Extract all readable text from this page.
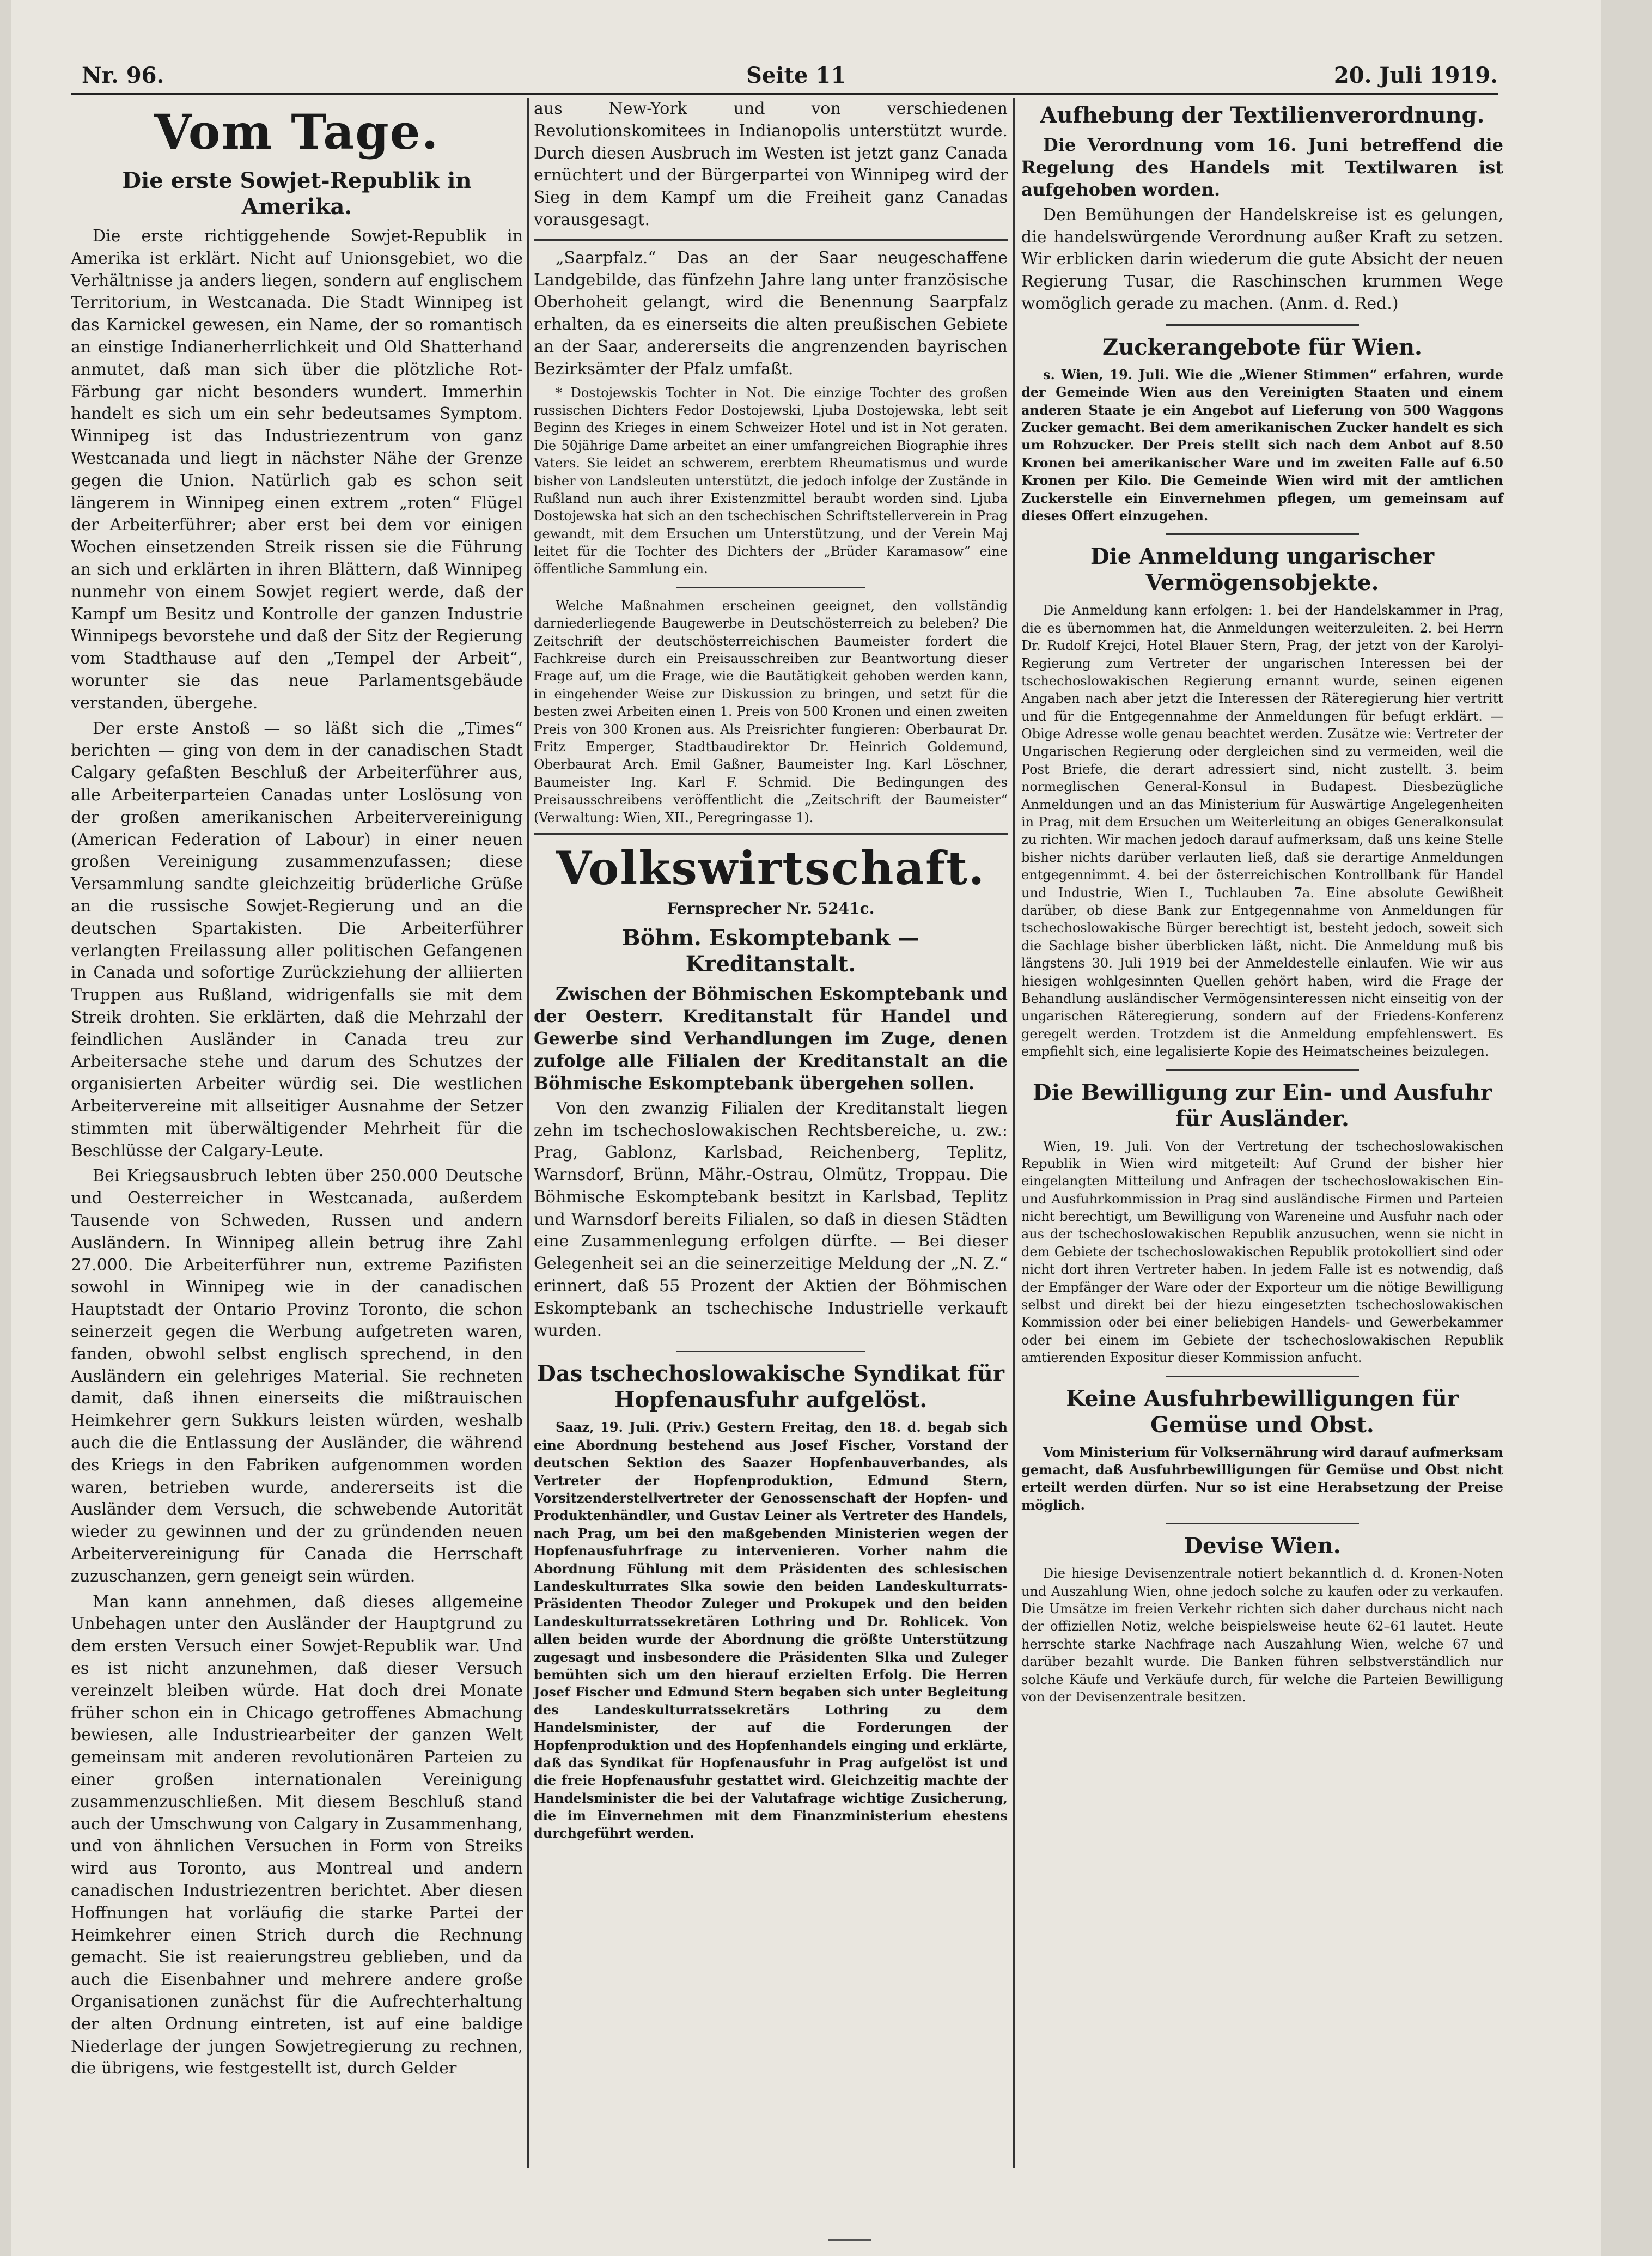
Nr. 96.	Seite 11	20. Juli 1919.
Vom Tage.
Die erste Sowjet-Republik in Amerika.

Die erste richtiggehende Sowjet-Republik in Amerika ist erklärt. Nicht auf Unionsgebiet, wo die Verhältnisse ja anders liegen, sondern auf englischem Territorium, in Westcanada. Die Stadt Winnipeg ist das Karnickel gewesen, ein Name, der so romantisch an einstige Indianerherrlichkeit und Old Shatterhand anmutet, daß man sich über die plötzliche Rot-Färbung gar nicht besonders wundert. Immerhin handelt es sich um ein sehr bedeutsames Symptom. Winnipeg ist das Industriezentrum von ganz Westcanada und liegt in nächster Nähe der Grenze gegen die Union. Natürlich gab es schon seit längerem in Winnipeg einen extrem „roten“ Flügel der Arbeiterführer; aber erst bei dem vor einigen Wochen einsetzenden Streik rissen sie die Führung an sich und erklärten in ihren Blättern, daß Winnipeg nunmehr von einem Sowjet regiert werde, daß der Kampf um Besitz und Kontrolle der ganzen Industrie Winnipegs bevorstehe und daß der Sitz der Regierung vom Stadthause auf den „Tempel der Arbeit“, worunter sie das neue Parlamentsgebäude verstanden, übergehe.

Der erste Anstoß — so läßt sich die „Times“ berichten — ging von dem in der canadischen Stadt Calgary gefaßten Beschluß der Arbeiterführer aus, alle Arbeiterparteien Canadas unter Loslösung von der großen amerikanischen Arbeitervereinigung (American Federation of Labour) in einer neuen großen Vereinigung zusammenzufassen; diese Versammlung sandte gleichzeitig brüderliche Grüße an die russische Sowjet-Regierung und an die deutschen Spartakisten. Die Arbeiterführer verlangten Freilassung aller politischen Gefangenen in Canada und sofortige Zurückziehung der alliierten Truppen aus Rußland, widrigenfalls sie mit dem Streik drohten. Sie erklärten, daß die Mehrzahl der feindlichen Ausländer in Canada treu zur Arbeitersache stehe und darum des Schutzes der organisierten Arbeiter würdig sei. Die westlichen Arbeitervereine mit allseitiger Ausnahme der Setzer stimmten mit überwältigender Mehrheit für die Beschlüsse der Calgary-Leute.

Bei Kriegsausbruch lebten über 250.000 Deutsche und Oesterreicher in Westcanada, außerdem Tausende von Schweden, Russen und andern Ausländern. In Winnipeg allein betrug ihre Zahl 27.000. Die Arbeiterführer nun, extreme Pazifisten sowohl in Winnipeg wie in der canadischen Hauptstadt der Ontario Provinz Toronto, die schon seinerzeit gegen die Werbung aufgetreten waren, fanden, obwohl selbst englisch sprechend, in den Ausländern ein gelehriges Material. Sie rechneten damit, daß ihnen einerseits die mißtrauischen Heimkehrer gern Sukkurs leisten würden, weshalb auch die die Entlassung der Ausländer, die während des Kriegs in den Fabriken aufgenommen worden waren, betrieben wurde, andererseits ist die Ausländer dem Versuch, die schwebende Autorität wieder zu gewinnen und der zu gründenden neuen Arbeitervereinigung für Canada die Herrschaft zuzuschanzen, gern geneigt sein würden.

Man kann annehmen, daß dieses allgemeine Unbehagen unter den Ausländer der Hauptgrund zu dem ersten Versuch einer Sowjet-Republik war. Und es ist nicht anzunehmen, daß dieser Versuch vereinzelt bleiben würde. Hat doch drei Monate früher schon ein in Chicago getroffenes Abmachung bewiesen, alle Industriearbeiter der ganzen Welt gemeinsam mit anderen revolutionären Parteien zu einer großen internationalen Vereinigung zusammenzuschließen. Mit diesem Beschluß stand auch der Umschwung von Calgary in Zusammenhang, und von ähnlichen Versuchen in Form von Streiks wird aus Toronto, aus Montreal und andern canadischen Industriezentren berichtet. Aber diesen Hoffnungen hat vorläufig die starke Partei der Heimkehrer einen Strich durch die Rechnung gemacht. Sie ist reaierungstreu geblieben, und da auch die Eisenbahner und mehrere andere große Organisationen zunächst für die Aufrechterhaltung der alten Ordnung eintreten, ist auf eine baldige Niederlage der jungen Sowjetregierung zu rechnen, die übrigens, wie festgestellt ist, durch Gelder

aus New-York und von verschiedenen Revolutionskomitees in Indianopolis unterstützt wurde. Durch diesen Ausbruch im Westen ist jetzt ganz Canada ernüchtert und der Bürgerpartei von Winnipeg wird der Sieg in dem Kampf um die Freiheit ganz Canadas vorausgesagt.

„Saarpfalz.“ Das an der Saar neugeschaffene Landgebilde, das fünfzehn Jahre lang unter französische Oberhoheit gelangt, wird die Benennung Saarpfalz erhalten, da es einerseits die alten preußischen Gebiete an der Saar, andererseits die angrenzenden bayrischen Bezirksämter der Pfalz umfaßt.

* Dostojewskis Tochter in Not. Die einzige Tochter des großen russischen Dichters Fedor Dostojewski, Ljuba Dostojewska, lebt seit Beginn des Krieges in einem Schweizer Hotel und ist in Not geraten. Die 50jährige Dame arbeitet an einer umfangreichen Biographie ihres Vaters. Sie leidet an schwerem, ererbtem Rheumatismus und wurde bisher von Landsleuten unterstützt, die jedoch infolge der Zustände in Rußland nun auch ihrer Existenzmittel beraubt worden sind. Ljuba Dostojewska hat sich an den tschechischen Schriftstellerverein in Prag gewandt, mit dem Ersuchen um Unterstützung, und der Verein Maj leitet für die Tochter des Dichters der „Brüder Karamasow“ eine öffentliche Sammlung ein.

Welche Maßnahmen erscheinen geeignet, den vollständig darniederliegende Baugewerbe in Deutschösterreich zu beleben? Die Zeitschrift der deutschösterreichischen Baumeister fordert die Fachkreise durch ein Preisausschreiben zur Beantwortung dieser Frage auf, um die Frage, wie die Bautätigkeit gehoben werden kann, in eingehender Weise zur Diskussion zu bringen, und setzt für die besten zwei Arbeiten einen 1. Preis von 500 Kronen und einen zweiten Preis von 300 Kronen aus. Als Preisrichter fungieren: Oberbaurat Dr. Fritz Emperger, Stadtbaudirektor Dr. Heinrich Goldemund, Oberbaurat Arch. Emil Gaßner, Baumeister Ing. Karl Löschner, Baumeister Ing. Karl F. Schmid. Die Bedingungen des Preisausschreibens veröffentlicht die „Zeitschrift der Baumeister“ (Verwaltung: Wien, XII., Peregringasse 1).

Volkswirtschaft.
Fernsprecher Nr. 5241c.
Böhm. Eskomptebank — Kreditanstalt.

Zwischen der Böhmischen Eskomptebank und der Oesterr. Kreditanstalt für Handel und Gewerbe sind Verhandlungen im Zuge, denen zufolge alle Filialen der Kreditanstalt an die Böhmische Eskomptebank übergehen sollen.

Von den zwanzig Filialen der Kreditanstalt liegen zehn im tschechoslowakischen Rechtsbereiche, u. zw.: Prag, Gablonz, Karlsbad, Reichenberg, Teplitz, Warnsdorf, Brünn, Mähr.-Ostrau, Olmütz, Troppau. Die Böhmische Eskomptebank besitzt in Karlsbad, Teplitz und Warnsdorf bereits Filialen, so daß in diesen Städten eine Zusammenlegung erfolgen dürfte. — Bei dieser Gelegenheit sei an die seinerzeitige Meldung der „N. Z.“ erinnert, daß 55 Prozent der Aktien der Böhmischen Eskomptebank an tschechische Industrielle verkauft wurden.

Das tschechoslowakische Syndikat für Hopfenausfuhr aufgelöst.

Saaz, 19. Juli. (Priv.) Gestern Freitag, den 18. d. begab sich eine Abordnung bestehend aus Josef Fischer, Vorstand der deutschen Sektion des Saazer Hopfenbauverbandes, als Vertreter der Hopfenproduktion, Edmund Stern, Vorsitzenderstellvertreter der Genossenschaft der Hopfen- und Produktenhändler, und Gustav Leiner als Vertreter des Handels, nach Prag, um bei den maßgebenden Ministerien wegen der Hopfenausfuhrfrage zu intervenieren. Vorher nahm die Abordnung Fühlung mit dem Präsidenten des schlesischen Landeskulturrates Slka sowie den beiden Landeskulturrats-Präsidenten Theodor Zuleger und Prokupek und den beiden Landeskulturratssekretären Lothring und Dr. Rohlicek. Von allen beiden wurde der Abordnung die größte Unterstützung zugesagt und insbesondere die Präsidenten Slka und Zuleger bemühten sich um den hierauf erzielten Erfolg. Die Herren Josef Fischer und Edmund Stern begaben sich unter Begleitung des Landeskulturratssekretärs Lothring zu dem Handelsminister, der auf die Forderungen der Hopfenproduktion und des Hopfenhandels einging und erklärte, daß das Syndikat für Hopfenausfuhr in Prag aufgelöst ist und die freie Hopfenausfuhr gestattet wird. Gleichzeitig machte der Handelsminister die bei der Valutafrage wichtige Zusicherung, die im Einvernehmen mit dem Finanzministerium ehestens durchgeführt werden.

Aufhebung der Textilienverordnung.

Die Verordnung vom 16. Juni betreffend die Regelung des Handels mit Textilwaren ist aufgehoben worden.

Den Bemühungen der Handelskreise ist es gelungen, die handelswürgende Verordnung außer Kraft zu setzen. Wir erblicken darin wiederum die gute Absicht der neuen Regierung Tusar, die Raschinschen krummen Wege womöglich gerade zu machen. (Anm. d. Red.)

Zuckerangebote für Wien.

s. Wien, 19. Juli. Wie die „Wiener Stimmen“ erfahren, wurde der Gemeinde Wien aus den Vereinigten Staaten und einem anderen Staate je ein Angebot auf Lieferung von 500 Waggons Zucker gemacht. Bei dem amerikanischen Zucker handelt es sich um Rohzucker. Der Preis stellt sich nach dem Anbot auf 8.50 Kronen bei amerikanischer Ware und im zweiten Falle auf 6.50 Kronen per Kilo. Die Gemeinde Wien wird mit der amtlichen Zuckerstelle ein Einvernehmen pflegen, um gemeinsam auf dieses Offert einzugehen.

Die Anmeldung ungarischer Vermögensobjekte.

Die Anmeldung kann erfolgen: 1. bei der Handelskammer in Prag, die es übernommen hat, die Anmeldungen weiterzuleiten. 2. bei Herrn Dr. Rudolf Krejci, Hotel Blauer Stern, Prag, der jetzt von der Karolyi-Regierung zum Vertreter der ungarischen Interessen bei der tschechoslowakischen Regierung ernannt wurde, seinen eigenen Angaben nach aber jetzt die Interessen der Räteregierung hier vertritt und für die Entgegennahme der Anmeldungen für befugt erklärt. — Obige Adresse wolle genau beachtet werden. Zusätze wie: Vertreter der Ungarischen Regierung oder dergleichen sind zu vermeiden, weil die Post Briefe, die derart adressiert sind, nicht zustellt. 3. beim normeglischen General-Konsul in Budapest. Diesbezügliche Anmeldungen und an das Ministerium für Auswärtige Angelegenheiten in Prag, mit dem Ersuchen um Weiterleitung an obiges Generalkonsulat zu richten. Wir machen jedoch darauf aufmerksam, daß uns keine Stelle bisher nichts darüber verlauten ließ, daß sie derartige Anmeldungen entgegennimmt. 4. bei der österreichischen Kontrollbank für Handel und Industrie, Wien I., Tuchlauben 7a. Eine absolute Gewißheit darüber, ob diese Bank zur Entgegennahme von Anmeldungen für tschechoslowakische Bürger berechtigt ist, besteht jedoch, soweit sich die Sachlage bisher überblicken läßt, nicht. Die Anmeldung muß bis längstens 30. Juli 1919 bei der Anmeldestelle einlaufen. Wie wir aus hiesigen wohlgesinnten Quellen gehört haben, wird die Frage der Behandlung ausländischer Vermögensinteressen nicht einseitig von der ungarischen Räteregierung, sondern auf der Friedens-Konferenz geregelt werden. Trotzdem ist die Anmeldung empfehlenswert. Es empfiehlt sich, eine legalisierte Kopie des Heimatscheines beizulegen.

Die Bewilligung zur Ein- und Ausfuhr für Ausländer.

Wien, 19. Juli. Von der Vertretung der tschechoslowakischen Republik in Wien wird mitgeteilt: Auf Grund der bisher hier eingelangten Mitteilung und Anfragen der tschechoslowakischen Ein- und Ausfuhrkommission in Prag sind ausländische Firmen und Parteien nicht berechtigt, um Bewilligung von Wareneine und Ausfuhr nach oder aus der tschechoslowakischen Republik anzusuchen, wenn sie nicht in dem Gebiete der tschechoslowakischen Republik protokolliert sind oder nicht dort ihren Vertreter haben. In jedem Falle ist es notwendig, daß der Empfänger der Ware oder der Exporteur um die nötige Bewilligung selbst und direkt bei der hiezu eingesetzten tschechoslowakischen Kommission oder bei einer beliebigen Handels- und Gewerbekammer oder bei einem im Gebiete der tschechoslowakischen Republik amtierenden Expositur dieser Kommission anfucht.

Keine Ausfuhrbewilligungen für Gemüse und Obst.

Vom Ministerium für Volksernährung wird darauf aufmerksam gemacht, daß Ausfuhrbewilligungen für Gemüse und Obst nicht erteilt werden dürfen. Nur so ist eine Herabsetzung der Preise möglich.

Devise Wien.

Die hiesige Devisenzentrale notiert bekanntlich d. d. Kronen-Noten und Auszahlung Wien, ohne jedoch solche zu kaufen oder zu verkaufen. Die Umsätze im freien Verkehr richten sich daher durchaus nicht nach der offiziellen Notiz, welche beispielsweise heute 62–61 lautet. Heute herrschte starke Nachfrage nach Auszahlung Wien, welche 67 und darüber bezahlt wurde. Die Banken führen selbstverständlich nur solche Käufe und Verkäufe durch, für welche die Parteien Bewilligung von der Devisenzentrale besitzen.
